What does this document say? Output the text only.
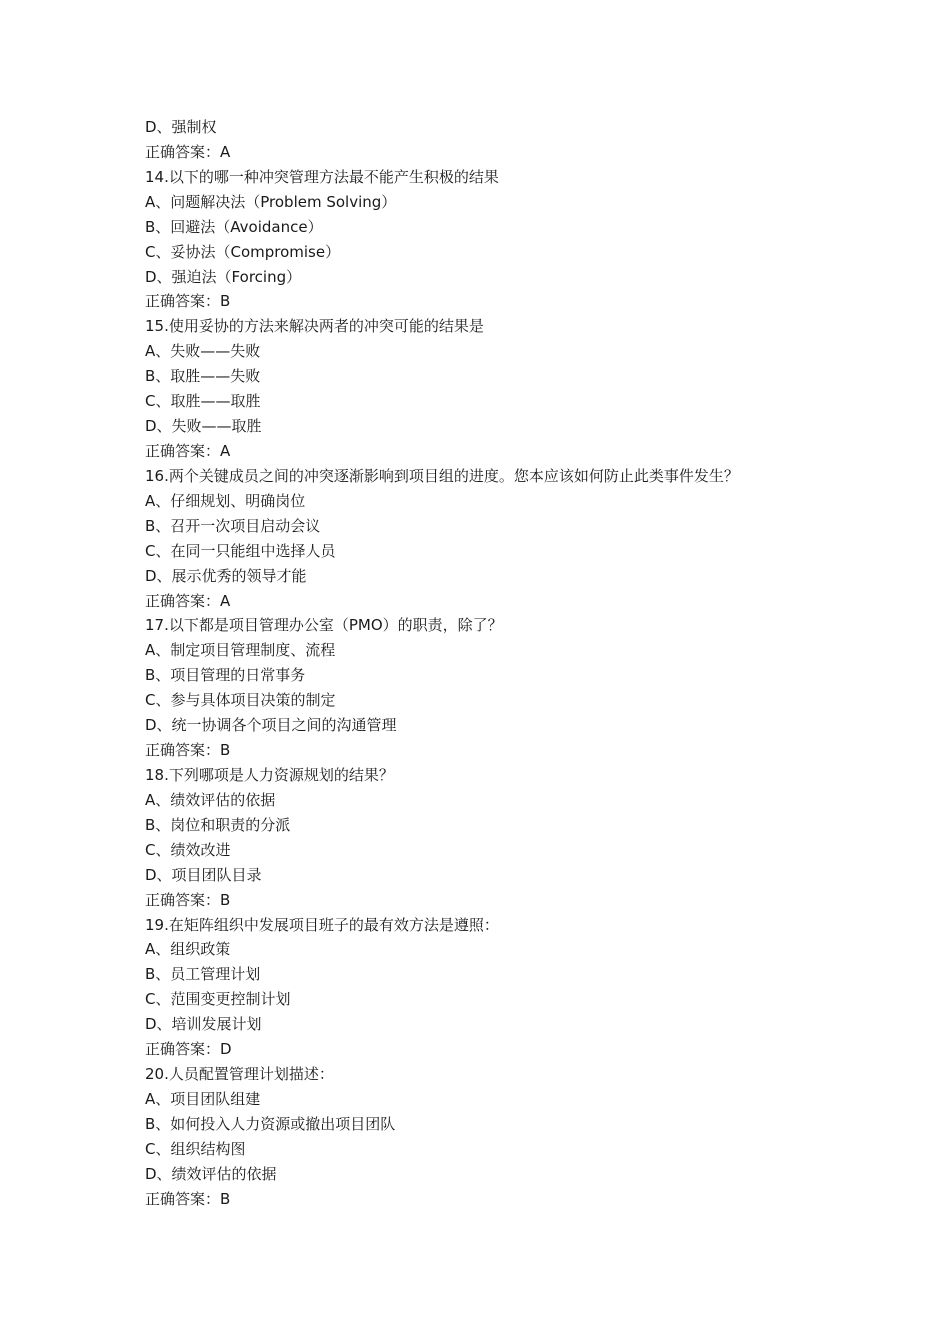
D、强制权
正确答案：A
14.以下的哪一种冲突管理方法最不能产生积极的结果
A、问题解决法（Problem Solving）
B、回避法（Avoidance）
C、妥协法（Compromise）
D、强迫法（Forcing）
正确答案：B
15.使用妥协的方法来解决两者的冲突可能的结果是
A、失败——失败
B、取胜——失败
C、取胜——取胜
D、失败——取胜
正确答案：A
16.两个关键成员之间的冲突逐渐影响到项目组的进度。您本应该如何防止此类事件发生？
A、仔细规划、明确岗位
B、召开一次项目启动会议
C、在同一只能组中选择人员
D、展示优秀的领导才能
正确答案：A
17.以下都是项目管理办公室（PMO）的职责，除了？
A、制定项目管理制度、流程
B、项目管理的日常事务
C、参与具体项目决策的制定
D、统一协调各个项目之间的沟通管理
正确答案：B
18.下列哪项是人力资源规划的结果？
A、绩效评估的依据
B、岗位和职责的分派
C、绩效改进
D、项目团队目录
正确答案：B
19.在矩阵组织中发展项目班子的最有效方法是遵照：
A、组织政策
B、员工管理计划
C、范围变更控制计划
D、培训发展计划
正确答案：D
20.人员配置管理计划描述：
A、项目团队组建
B、如何投入人力资源或撤出项目团队
C、组织结构图
D、绩效评估的依据
正确答案：B
